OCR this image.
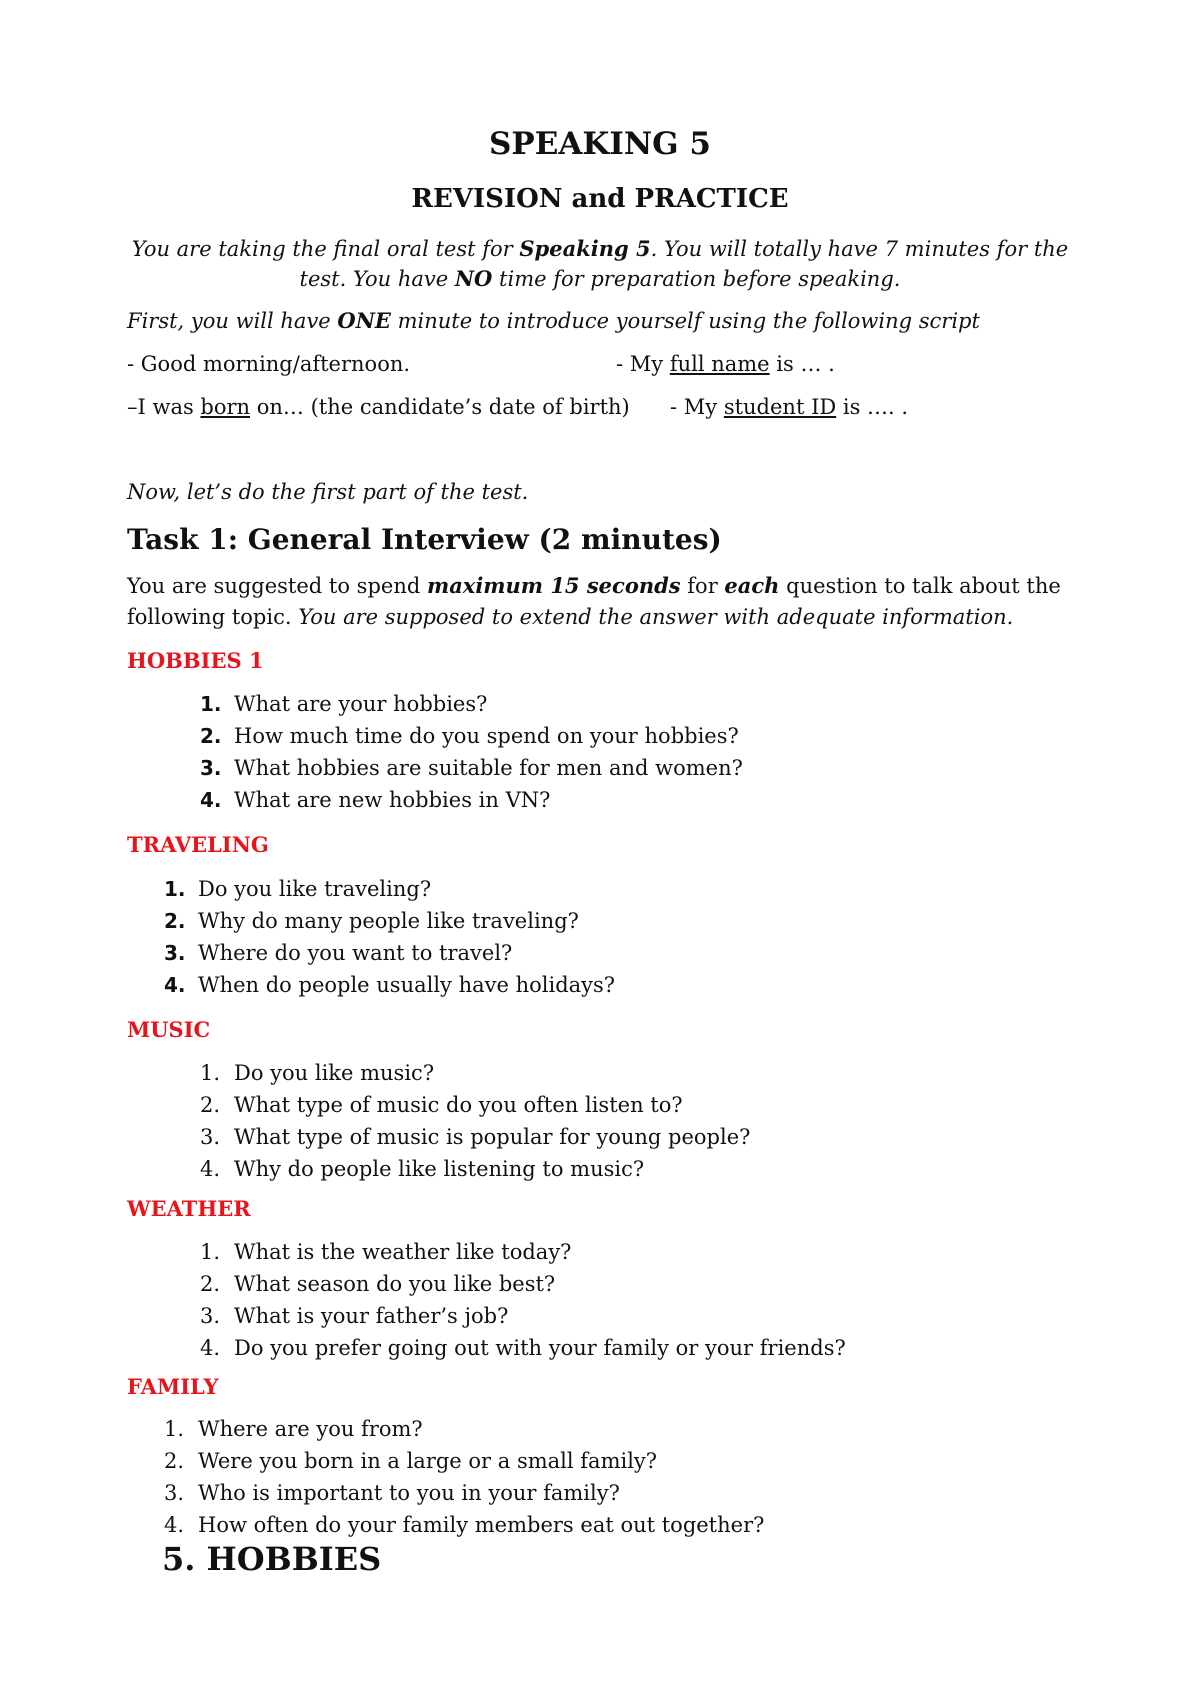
SPEAKING 5
REVISION and PRACTICE
You are taking the final oral test for Speaking 5. You will totally have 7 minutes for the
test. You have NO time for preparation before speaking.
First, you will have ONE minute to introduce yourself using the following script
- Good morning/afternoon.	- My full name is … .
–I was born on… (the candidate’s date of birth) - My student ID is …. .
Now, let’s do the first part of the test.
Task 1: General Interview (2 minutes)
You are suggested to spend maximum 15 seconds for each question to talk about the
following topic. You are supposed to extend the answer with adequate information.
HOBBIES 1
1. What are your hobbies?
2. How much time do you spend on your hobbies?
3. What hobbies are suitable for men and women?
4. What are new hobbies in VN?
TRAVELING
1. Do you like traveling?
2. Why do many people like traveling?
3. Where do you want to travel?
4. When do people usually have holidays?
MUSIC
1. Do you like music?
2. What type of music do you often listen to?
3. What type of music is popular for young people?
4. Why do people like listening to music?
WEATHER
1. What is the weather like today?
2. What season do you like best?
3. What is your father’s job?
4. Do you prefer going out with your family or your friends?
FAMILY
1. Where are you from?
2. Were you born in a large or a small family?
3. Who is important to you in your family?
4. How often do your family members eat out together?
5. HOBBIES
